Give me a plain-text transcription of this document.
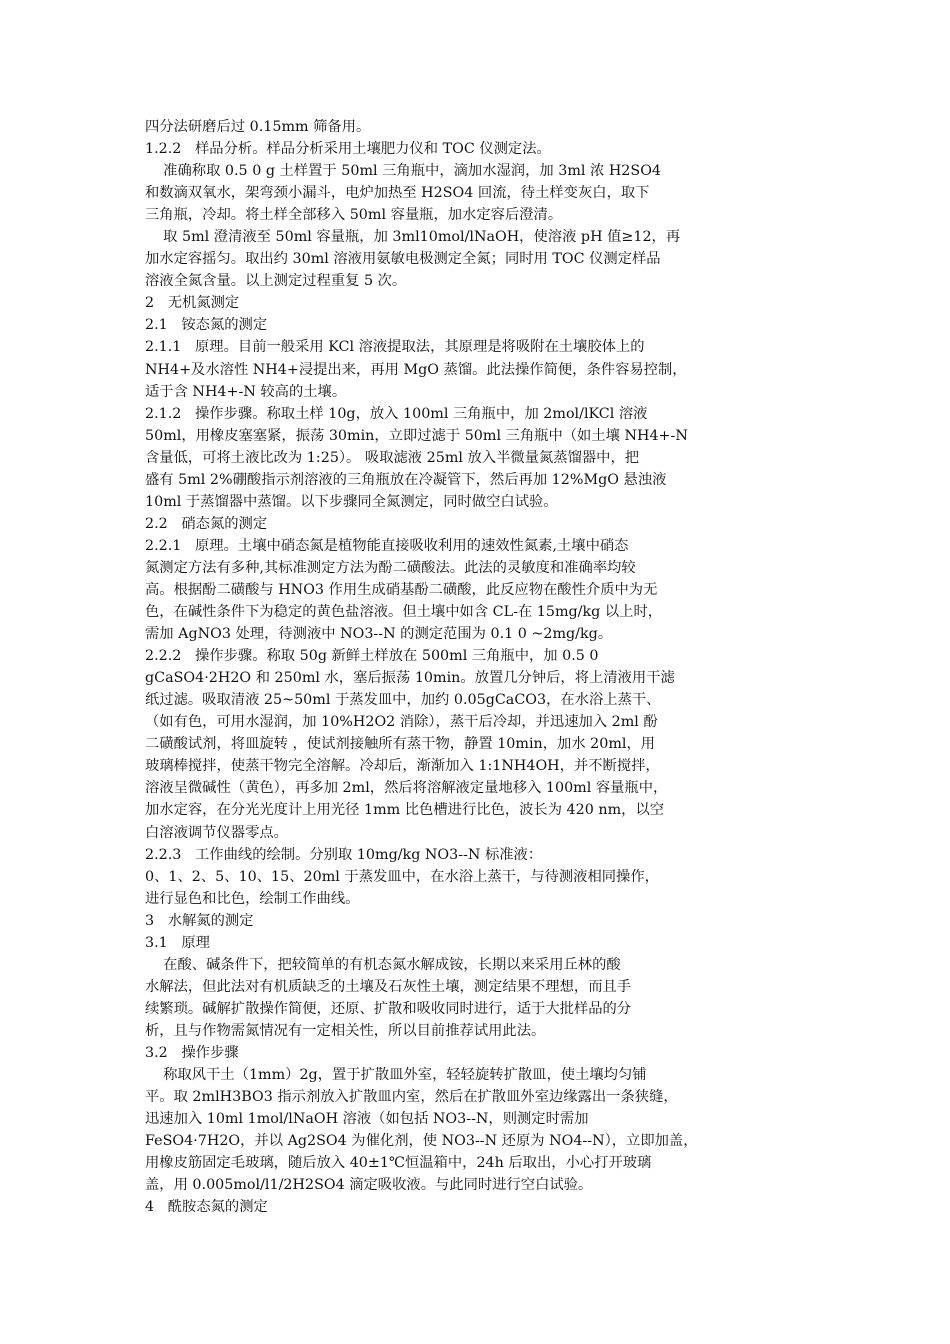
四分法研磨后过 0.15mm 筛备用。
1.2.2   样品分析。样品分析采用土壤肥力仪和 TOC 仪测定法。
准确称取 0.5 0 g 土样置于 50ml 三角瓶中，滴加水湿润，加 3ml 浓 H2SO4
和数滴双氧水，架弯颈小漏斗，电炉加热至 H2SO4 回流，待土样变灰白，取下
三角瓶，冷却。将土样全部移入 50ml 容量瓶，加水定容后澄清。
取 5ml 澄清液至 50ml 容量瓶，加 3ml10mol/lNaOH，使溶液 pH 值≥12，再
加水定容摇匀。取出约 30ml 溶液用氨敏电极测定全氮；同时用 TOC 仪测定样品
溶液全氮含量。以上测定过程重复 5 次。
2   无机氮测定
2.1   铵态氮的测定
2.1.1   原理。目前一般采用 KCl 溶液提取法，其原理是将吸附在土壤胶体上的
NH4+及水溶性 NH4+浸提出来，再用 MgO 蒸馏。此法操作简便，条件容易控制，
适于含 NH4+-N 较高的土壤。
2.1.2   操作步骤。称取土样 10g，放入 100ml 三角瓶中，加 2mol/lKCl 溶液
50ml，用橡皮塞塞紧，振荡 30min，立即过滤于 50ml 三角瓶中（如土壤 NH4+-N
含量低，可将土液比改为 1:25）。 吸取滤液 25ml 放入半微量氮蒸馏器中，把
盛有 5ml 2%硼酸指示剂溶液的三角瓶放在冷凝管下，然后再加 12%MgO 悬浊液
10ml 于蒸馏器中蒸馏。以下步骤同全氮测定，同时做空白试验。
2.2   硝态氮的测定
2.2.1   原理。土壤中硝态氮是植物能直接吸收利用的速效性氮素,土壤中硝态
氮测定方法有多种,其标准测定方法为酚二磺酸法。此法的灵敏度和准确率均较
高。根据酚二磺酸与 HNO3 作用生成硝基酚二磺酸，此反应物在酸性介质中为无
色，在碱性条件下为稳定的黄色盐溶液。但土壤中如含 CL-在 15mg/kg 以上时，
需加 AgNO3 处理，待测液中 NO3--N 的测定范围为 0.1 0 ~2mg/kg。
2.2.2   操作步骤。称取 50g 新鲜土样放在 500ml 三角瓶中，加 0.5 0
gCaSO4·2H2O 和 250ml 水，塞后振荡 10min。放置几分钟后，将上清液用干滤
纸过滤。吸取清液 25~50ml 于蒸发皿中，加约 0.05gCaCO3，在水浴上蒸干、
（如有色，可用水湿润，加 10%H2O2 消除），蒸干后冷却，并迅速加入 2ml 酚
二磺酸试剂，将皿旋转 ，使试剂接触所有蒸干物，静置 10min，加水 20ml，用
玻璃棒搅拌，使蒸干物完全溶解。冷却后，渐渐加入 1:1NH4OH，并不断搅拌，
溶液呈微碱性（黄色），再多加 2ml，然后将溶解液定量地移入 100ml 容量瓶中，
加水定容，在分光光度计上用光径 1mm 比色槽进行比色，波长为 420 nm，以空
白溶液调节仪器零点。
2.2.3   工作曲线的绘制。分别取 10mg/kg NO3--N 标准液：
0、1、2、5、10、15、20ml 于蒸发皿中，在水浴上蒸干，与待测液相同操作，
进行显色和比色，绘制工作曲线。
3   水解氮的测定
3.1   原理
在酸、碱条件下，把较简单的有机态氮水解成铵，长期以来采用丘林的酸
水解法，但此法对有机质缺乏的土壤及石灰性土壤，测定结果不理想，而且手
续繁琐。碱解扩散操作简便，还原、扩散和吸收同时进行，适于大批样品的分
析，且与作物需氮情况有一定相关性，所以目前推荐试用此法。
3.2   操作步骤
称取风干土（1mm）2g，置于扩散皿外室，轻轻旋转扩散皿，使土壤均匀铺
平。取 2mlH3BO3 指示剂放入扩散皿内室，然后在扩散皿外室边缘露出一条狭缝，
迅速加入 10ml 1mol/lNaOH 溶液（如包括 NO3--N，则测定时需加
FeSO4·7H2O，并以 Ag2SO4 为催化剂，使 NO3--N 还原为 NO4--N），立即加盖，
用橡皮筋固定毛玻璃，随后放入 40±1℃恒温箱中，24h 后取出，小心打开玻璃
盖，用 0.005mol/l1/2H2SO4 滴定吸收液。与此同时进行空白试验。
4   酰胺态氮的测定
